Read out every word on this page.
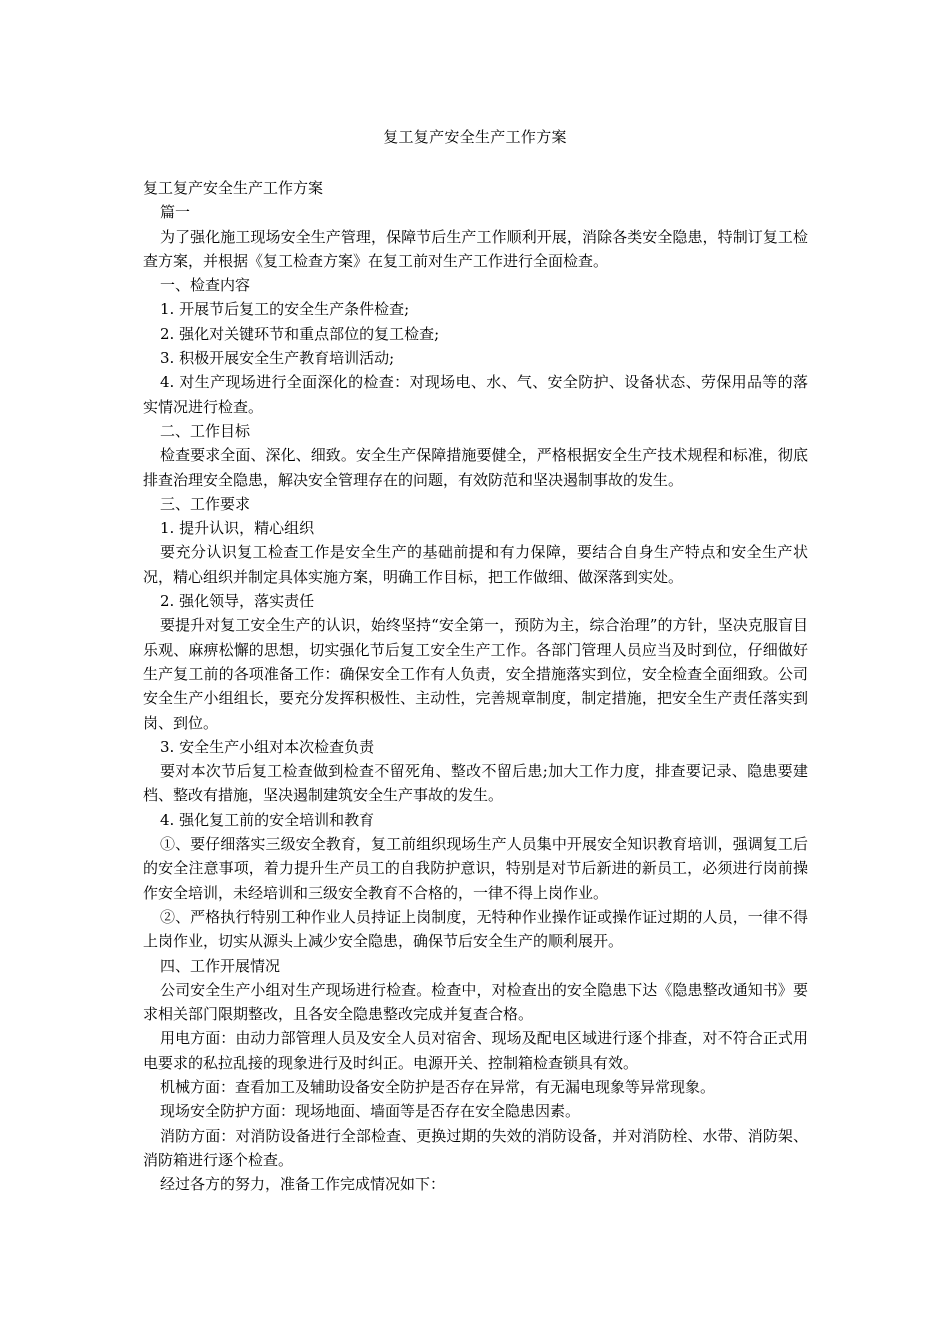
复工复产安全生产工作方案

复工复产安全生产工作方案

篇一

为了强化施工现场安全生产管理，保障节后生产工作顺利开展，消除各类安全隐患，特制订复工检查方案，并根据《复工检查方案》在复工前对生产工作进行全面检查。

一、检查内容

1. 开展节后复工的安全生产条件检查;

2. 强化对关键环节和重点部位的复工检查;

3. 积极开展安全生产教育培训活动;

4. 对生产现场进行全面深化的检查：对现场电、水、气、安全防护、设备状态、劳保用品等的落实情况进行检查。

二、工作目标

检查要求全面、深化、细致。安全生产保障措施要健全，严格根据安全生产技术规程和标准，彻底排查治理安全隐患，解决安全管理存在的问题，有效防范和坚决遏制事故的发生。

三、工作要求

1. 提升认识，精心组织

要充分认识复工检查工作是安全生产的基础前提和有力保障，要结合自身生产特点和安全生产状况，精心组织并制定具体实施方案，明确工作目标，把工作做细、做深落到实处。

2. 强化领导，落实责任

要提升对复工安全生产的认识，始终坚持“安全第一，预防为主，综合治理”的方针，坚决克服盲目乐观、麻痹松懈的思想，切实强化节后复工安全生产工作。各部门管理人员应当及时到位，仔细做好生产复工前的各项准备工作：确保安全工作有人负责，安全措施落实到位，安全检查全面细致。公司安全生产小组组长，要充分发挥积极性、主动性，完善规章制度，制定措施，把安全生产责任落实到岗、到位。

3. 安全生产小组对本次检查负责

要对本次节后复工检查做到检查不留死角、整改不留后患;加大工作力度，排查要记录、隐患要建档、整改有措施，坚决遏制建筑安全生产事故的发生。

4. 强化复工前的安全培训和教育

①、要仔细落实三级安全教育，复工前组织现场生产人员集中开展安全知识教育培训，强调复工后的安全注意事项，着力提升生产员工的自我防护意识，特别是对节后新进的新员工，必须进行岗前操作安全培训，未经培训和三级安全教育不合格的，一律不得上岗作业。

②、严格执行特别工种作业人员持证上岗制度，无特种作业操作证或操作证过期的人员，一律不得上岗作业，切实从源头上减少安全隐患，确保节后安全生产的顺利展开。

四、工作开展情况

公司安全生产小组对生产现场进行检查。检查中，对检查出的安全隐患下达《隐患整改通知书》要求相关部门限期整改，且各安全隐患整改完成并复查合格。

用电方面：由动力部管理人员及安全人员对宿舍、现场及配电区域进行逐个排查，对不符合正式用电要求的私拉乱接的现象进行及时纠正。电源开关、控制箱检查锁具有效。

机械方面：查看加工及辅助设备安全防护是否存在异常，有无漏电现象等异常现象。

现场安全防护方面：现场地面、墙面等是否存在安全隐患因素。

消防方面：对消防设备进行全部检查、更换过期的失效的消防设备，并对消防栓、水带、消防架、消防箱进行逐个检查。

经过各方的努力，准备工作完成情况如下：
